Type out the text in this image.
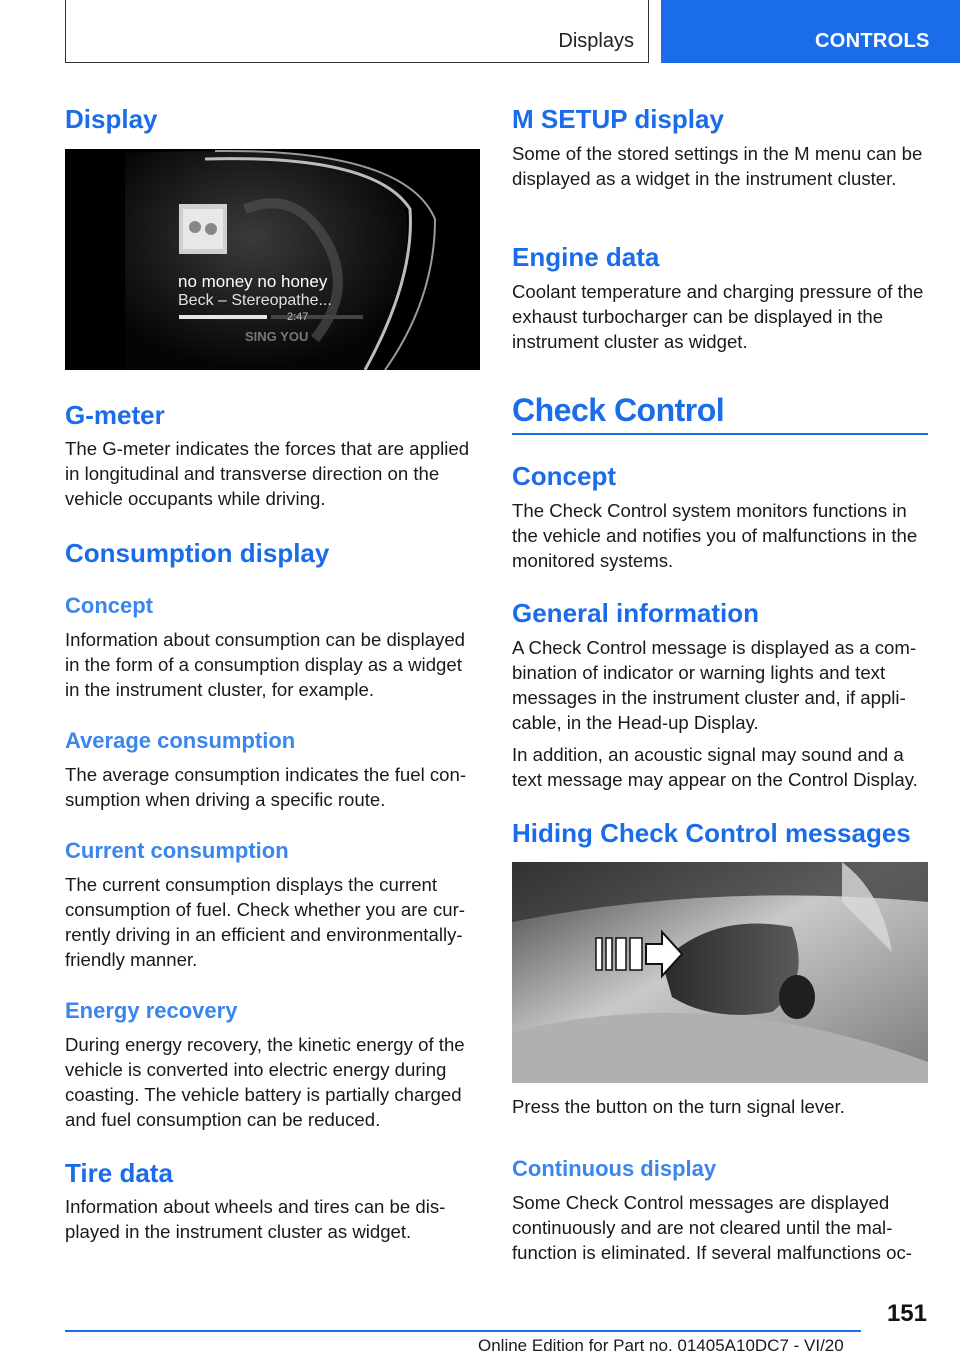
Displays	CONTROLS
Display
no money no honey
Beck – Stereopathe...
2:47
SING YOU
G-meter

The G-meter indicates the forces that are applied in longitudinal and transverse direction on the vehicle occupants while driving.

Consumption display
Concept

Information about consumption can be displayed in the form of a consumption display as a widget in the instrument cluster, for example.

Average consumption

The average consumption indicates the fuel consumption when driving a specific route.

Current consumption

The current consumption displays the current consumption of fuel. Check whether you are currently driving in an efficient and environmentally-friendly manner.

Energy recovery

During energy recovery, the kinetic energy of the vehicle is converted into electric energy during coasting. The vehicle battery is partially charged and fuel consumption can be reduced.

Tire data

Information about wheels and tires can be displayed in the instrument cluster as widget.

M SETUP display

Some of the stored settings in the M menu can be displayed as a widget in the instrument cluster.

Engine data

Coolant temperature and charging pressure of the exhaust turbocharger can be displayed in the instrument cluster as widget.

Check Control
Concept

The Check Control system monitors functions in the vehicle and notifies you of malfunctions in the monitored systems.

General information

A Check Control message is displayed as a combination of indicator or warning lights and text messages in the instrument cluster and, if applicable, in the Head-up Display.

In addition, an acoustic signal may sound and a text message may appear on the Control Display.

Hiding Check Control messages

Press the button on the turn signal lever.

Continuous display

Some Check Control messages are displayed continuously and are not cleared until the malfunction is eliminated. If several malfunctions oc-

151
Online Edition for Part no. 01405A10DC7 - VI/20
